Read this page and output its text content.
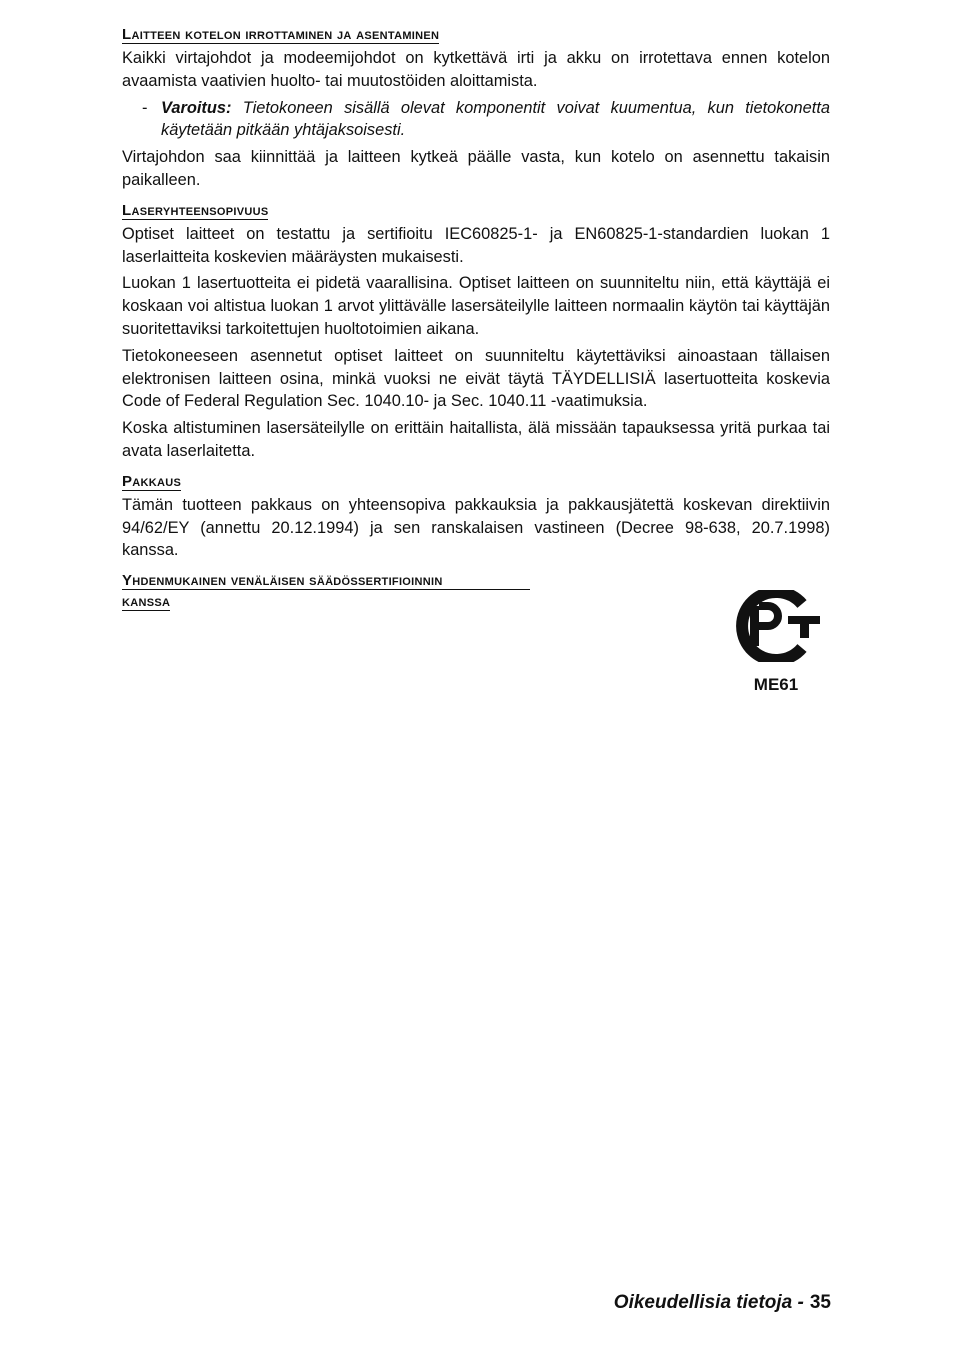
Laitteen kotelon irrottaminen ja asentaminen

Kaikki virtajohdot ja modeemijohdot on kytkettävä irti ja akku on irrotettava ennen kotelon avaamista vaativien huolto- tai muutostöiden aloittamista.

- Varoitus: Tietokoneen sisällä olevat komponentit voivat kuumentua, kun tietokonetta käytetään pitkään yhtäjaksoisesti.

Virtajohdon saa kiinnittää ja laitteen kytkeä päälle vasta, kun kotelo on asennettu takaisin paikalleen.

Laseryhteensopivuus

Optiset laitteet on testattu ja sertifioitu IEC60825-1- ja EN60825-1-standardien luokan 1 laserlaitteita koskevien määräysten mukaisesti.

Luokan 1 lasertuotteita ei pidetä vaarallisina. Optiset laitteen on suunniteltu niin, että käyttäjä ei koskaan voi altistua luokan 1 arvot ylittävälle lasersäteilylle laitteen normaalin käytön tai käyttäjän suoritettaviksi tarkoitettujen huoltotoimien aikana.

Tietokoneeseen asennetut optiset laitteet on suunniteltu käytettäviksi ainoastaan tällaisen elektronisen laitteen osina, minkä vuoksi ne eivät täytä TÄYDELLISIÄ lasertuotteita koskevia Code of Federal Regulation Sec. 1040.10- ja Sec. 1040.11 -vaatimuksia.

Koska altistuminen lasersäteilylle on erittäin haitallista, älä missään tapauksessa yritä purkaa tai avata laserlaitetta.

Pakkaus

Tämän tuotteen pakkaus on yhteensopiva pakkauksia ja pakkausjätettä koskevan direktiivin 94/62/EY (annettu 20.12.1994) ja sen ranskalaisen vastineen (Decree 98-638, 20.7.1998) kanssa.

Yhdenmukainen venäläisen säädössertifioinnin
kanssa
ME61
Oikeudellisia tietoja - 35
